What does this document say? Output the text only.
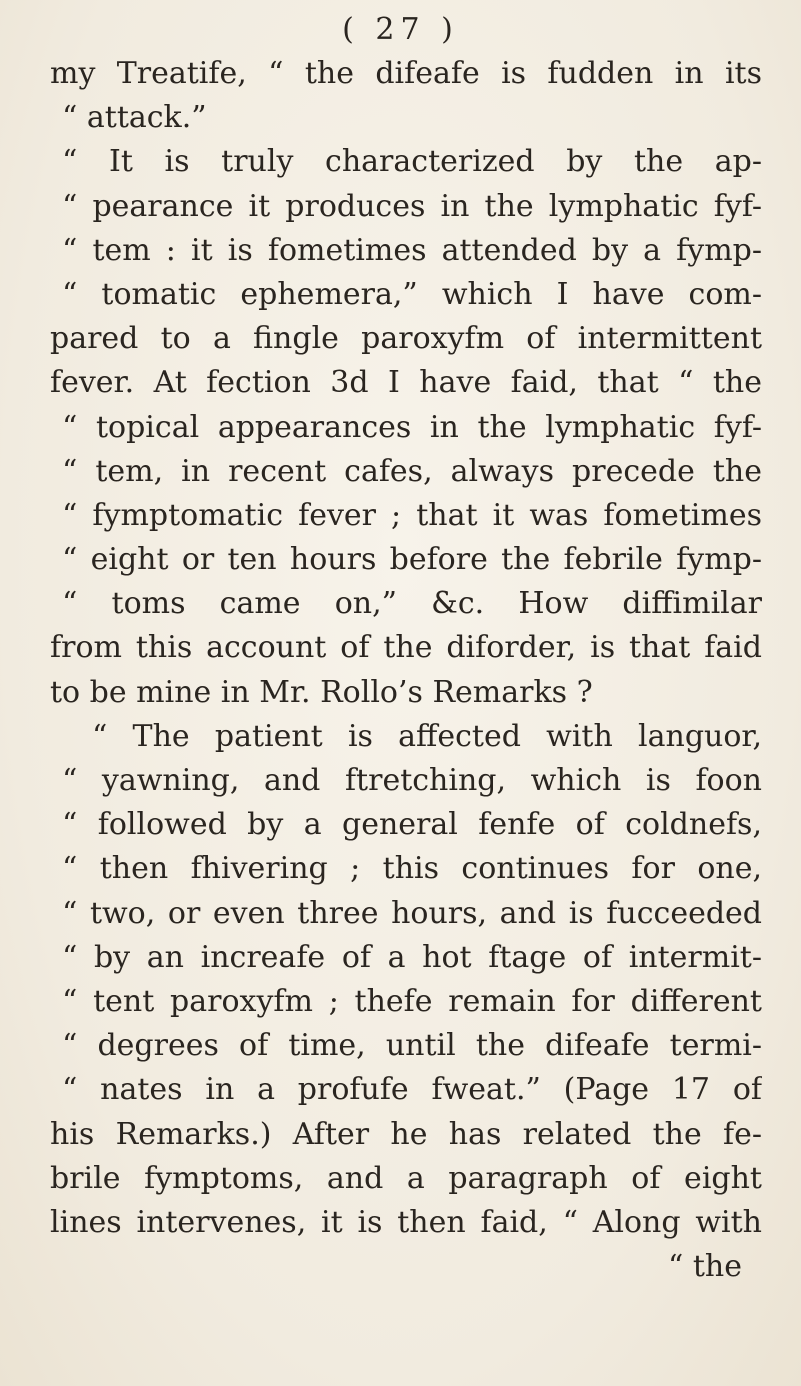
( 27 )
my Treatife, “ the difeafe is fudden in its
“ attack.”
“ It is truly characterized by the ap-
“ pearance it produces in the lymphatic fyf-
“ tem : it is fometimes attended by a fymp-
“ tomatic ephemera,” which I have com-
pared to a fingle paroxyfm of intermittent
fever. At fection 3d I have faid, that “ the
“ topical appearances in the lymphatic fyf-
“ tem, in recent cafes, always precede the
“ fymptomatic fever ; that it was fometimes
“ eight or ten hours before the febrile fymp-
“ toms came on,” &c. How diffimilar
from this account of the diforder, is that faid
to be mine in Mr. Rollo’s Remarks ?
“ The patient is affected with languor,
“ yawning, and ftretching, which is foon
“ followed by a general fenfe of coldnefs,
“ then fhivering ; this continues for one,
“ two, or even three hours, and is fucceeded
“ by an increafe of a hot ftage of intermit-
“ tent paroxyfm ; thefe remain for different
“ degrees of time, until the difeafe termi-
“ nates in a profufe fweat.” (Page 17 of
his Remarks.) After he has related the fe-
brile fymptoms, and a paragraph of eight
lines intervenes, it is then faid, “ Along with
“ the
